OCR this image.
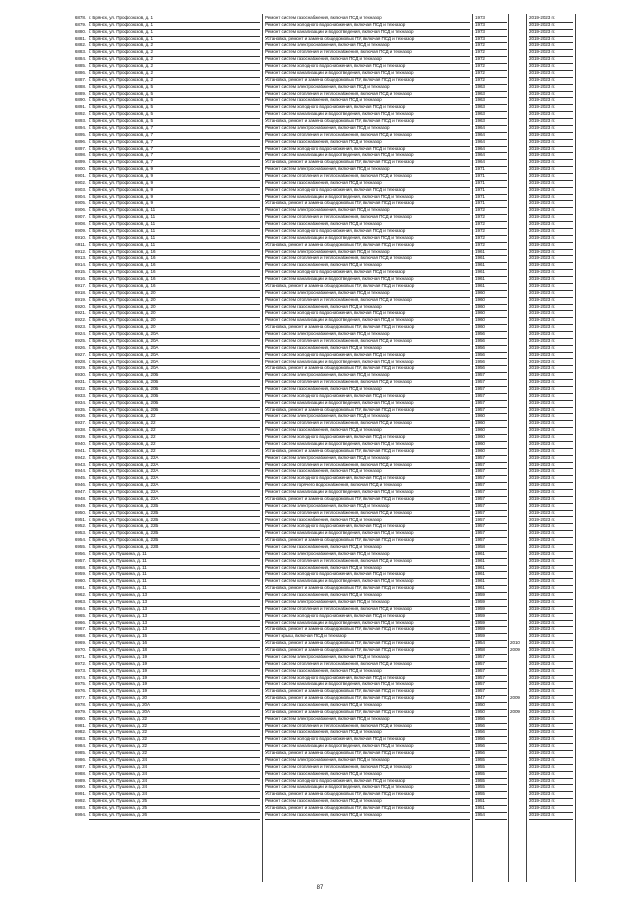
6878. г. Брянск, ул. Профсоюзов, д. 1	Ремонт систем газоснабжения, включая ПСД и техназор	1973	2019-2023 гг.
6879. г. Брянск, ул. Профсоюзов, д. 1	Ремонт систем холодного водоснабжения, включая ПСД и техназор	1973	2019-2023 гг.
6880. г. Брянск, ул. Профсоюзов, д. 1	Ремонт систем канализации и водоотведения, включая ПСД и техназор	1973	2019-2023 гг.
6881. г. Брянск, ул. Профсоюзов, д. 1	Установка, ремонт и замена общедомовых ПУ, включая ПСД и техназор	1973	2019-2023 гг.
6882. г. Брянск, ул. Профсоюзов, д. 2	Ремонт систем электроснабжения, включая ПСД и техназор	1972	2019-2023 гг.
6883. г. Брянск, ул. Профсоюзов, д. 2	Ремонт систем отопления и теплоснабжения, включая ПСД и техназор	1972	2019-2023 гг.
6884. г. Брянск, ул. Профсоюзов, д. 2	Ремонт систем газоснабжения, включая ПСД и техназор	1972	2019-2023 гг.
6885. г. Брянск, ул. Профсоюзов, д. 2	Ремонт систем холодного водоснабжения, включая ПСД и техназор	1972	2019-2023 гг.
6886. г. Брянск, ул. Профсоюзов, д. 2	Ремонт систем канализации и водоотведения, включая ПСД и техназор	1972	2019-2023 гг.
6887. г. Брянск, ул. Профсоюзов, д. 2	Установка, ремонт и замена общедомовых ПУ, включая ПСД и техназор	1972	2019-2023 гг.
6888. г. Брянск, ул. Профсоюзов, д. 5	Ремонт систем электроснабжения, включая ПСД и техназор	1963	2019-2023 гг.
6889. г. Брянск, ул. Профсоюзов, д. 5	Ремонт систем отопления и теплоснабжения, включая ПСД и техназор	1963	2019-2023 гг.
6890. г. Брянск, ул. Профсоюзов, д. 5	Ремонт систем газоснабжения, включая ПСД и техназор	1963	2019-2023 гг.
6891. г. Брянск, ул. Профсоюзов, д. 5	Ремонт систем холодного водоснабжения, включая ПСД и техназор	1963	2019-2023 гг.
6892. г. Брянск, ул. Профсоюзов, д. 5	Ремонт систем канализации и водоотведения, включая ПСД и техназор	1963	2019-2023 гг.
6893. г. Брянск, ул. Профсоюзов, д. 5	Установка, ремонт и замена общедомовых ПУ, включая ПСД и техназор	1963	2019-2023 гг.
6894. г. Брянск, ул. Профсоюзов, д. 7	Ремонт систем электроснабжения, включая ПСД и техназор	1964	2019-2023 гг.
6895. г. Брянск, ул. Профсоюзов, д. 7	Ремонт систем отопления и теплоснабжения, включая ПСД и техназор	1964	2019-2023 гг.
6896. г. Брянск, ул. Профсоюзов, д. 7	Ремонт систем газоснабжения, включая ПСД и техназор	1964	2019-2023 гг.
6897. г. Брянск, ул. Профсоюзов, д. 7	Ремонт систем холодного водоснабжения, включая ПСД и техназор	1964	2019-2023 гг.
6898. г. Брянск, ул. Профсоюзов, д. 7	Ремонт систем канализации и водоотведения, включая ПСД и техназор	1964	2019-2023 гг.
6899. г. Брянск, ул. Профсоюзов, д. 7	Установка, ремонт и замена общедомовых ПУ, включая ПСД и техназор	1964	2019-2023 гг.
6900. г. Брянск, ул. Профсоюзов, д. 9	Ремонт систем электроснабжения, включая ПСД и техназор	1971	2019-2023 гг.
6901. г. Брянск, ул. Профсоюзов, д. 9	Ремонт систем отопления и теплоснабжения, включая ПСД и техназор	1971	2019-2023 гг.
6902. г. Брянск, ул. Профсоюзов, д. 9	Ремонт систем газоснабжения, включая ПСД и техназор	1971	2019-2023 гг.
6903. г. Брянск, ул. Профсоюзов, д. 9	Ремонт систем холодного водоснабжения, включая ПСД и техназор	1971	2019-2023 гг.
6904. г. Брянск, ул. Профсоюзов, д. 9	Ремонт систем канализации и водоотведения, включая ПСД и техназор	1971	2019-2023 гг.
6905. г. Брянск, ул. Профсоюзов, д. 9	Установка, ремонт и замена общедомовых ПУ, включая ПСД и техназор	1971	2019-2023 гг.
6906. г. Брянск, ул. Профсоюзов, д. 11	Ремонт систем электроснабжения, включая ПСД и техназор	1972	2019-2023 гг.
6907. г. Брянск, ул. Профсоюзов, д. 11	Ремонт систем отопления и теплоснабжения, включая ПСД и техназор	1972	2019-2023 гг.
6908. г. Брянск, ул. Профсоюзов, д. 11	Ремонт систем газоснабжения, включая ПСД и техназор	1972	2019-2023 гг.
6909. г. Брянск, ул. Профсоюзов, д. 11	Ремонт систем холодного водоснабжения, включая ПСД и техназор	1972	2019-2023 гг.
6910. г. Брянск, ул. Профсоюзов, д. 11	Ремонт систем канализации и водоотведения, включая ПСД и техназор	1972	2019-2023 гг.
6911. г. Брянск, ул. Профсоюзов, д. 11	Установка, ремонт и замена общедомовых ПУ, включая ПСД и техназор	1972	2019-2023 гг.
6912. г. Брянск, ул. Профсоюзов, д. 16	Ремонт систем электроснабжения, включая ПСД и техназор	1961	2019-2023 гг.
6913. г. Брянск, ул. Профсоюзов, д. 16	Ремонт систем отопления и теплоснабжения, включая ПСД и техназор	1961	2019-2023 гг.
6914. г. Брянск, ул. Профсоюзов, д. 16	Ремонт систем газоснабжения, включая ПСД и техназор	1961	2019-2023 гг.
6915. г. Брянск, ул. Профсоюзов, д. 16	Ремонт систем холодного водоснабжения, включая ПСД и техназор	1961	2019-2023 гг.
6916. г. Брянск, ул. Профсоюзов, д. 16	Ремонт систем канализации и водоотведения, включая ПСД и техназор	1961	2019-2023 гг.
6917. г. Брянск, ул. Профсоюзов, д. 16	Установка, ремонт и замена общедомовых ПУ, включая ПСД и техназор	1961	2019-2023 гг.
6918. г. Брянск, ул. Профсоюзов, д. 20	Ремонт систем электроснабжения, включая ПСД и техназор	1960	2019-2023 гг.
6919. г. Брянск, ул. Профсоюзов, д. 20	Ремонт систем отопления и теплоснабжения, включая ПСД и техназор	1960	2019-2023 гг.
6920. г. Брянск, ул. Профсоюзов, д. 20	Ремонт систем газоснабжения, включая ПСД и техназор	1960	2019-2023 гг.
6921. г. Брянск, ул. Профсоюзов, д. 20	Ремонт систем холодного водоснабжения, включая ПСД и техназор	1960	2019-2023 гг.
6922. г. Брянск, ул. Профсоюзов, д. 20	Ремонт систем канализации и водоотведения, включая ПСД и техназор	1960	2019-2023 гг.
6923. г. Брянск, ул. Профсоюзов, д. 20	Установка, ремонт и замена общедомовых ПУ, включая ПСД и техназор	1960	2019-2023 гг.
6924. г. Брянск, ул. Профсоюзов, д. 20А	Ремонт систем электроснабжения, включая ПСД и техназор	1956	2019-2023 гг.
6925. г. Брянск, ул. Профсоюзов, д. 20А	Ремонт систем отопления и теплоснабжения, включая ПСД и техназор	1956	2019-2023 гг.
6926. г. Брянск, ул. Профсоюзов, д. 20А	Ремонт систем газоснабжения, включая ПСД и техназор	1956	2019-2023 гг.
6927. г. Брянск, ул. Профсоюзов, д. 20А	Ремонт систем холодного водоснабжения, включая ПСД и техназор	1956	2019-2023 гг.
6928. г. Брянск, ул. Профсоюзов, д. 20А	Ремонт систем канализации и водоотведения, включая ПСД и техназор	1956	2019-2023 гг.
6929. г. Брянск, ул. Профсоюзов, д. 20А	Установка, ремонт и замена общедомовых ПУ, включая ПСД и техназор	1956	2019-2023 гг.
6930. г. Брянск, ул. Профсоюзов, д. 20Б	Ремонт систем электроснабжения, включая ПСД и техназор	1957	2019-2023 гг.
6931. г. Брянск, ул. Профсоюзов, д. 20Б	Ремонт систем отопления и теплоснабжения, включая ПСД и техназор	1957	2019-2023 гг.
6932. г. Брянск, ул. Профсоюзов, д. 20Б	Ремонт систем газоснабжения, включая ПСД и техназор	1957	2019-2023 гг.
6933. г. Брянск, ул. Профсоюзов, д. 20Б	Ремонт систем холодного водоснабжения, включая ПСД и техназор	1957	2019-2023 гг.
6934. г. Брянск, ул. Профсоюзов, д. 20Б	Ремонт систем канализации и водоотведения, включая ПСД и техназор	1957	2019-2023 гг.
6935. г. Брянск, ул. Профсоюзов, д. 20Б	Установка, ремонт и замена общедомовых ПУ, включая ПСД и техназор	1957	2019-2023 гг.
6936. г. Брянск, ул. Профсоюзов, д. 22	Ремонт систем электроснабжения, включая ПСД и техназор	1960	2019-2023 гг.
6937. г. Брянск, ул. Профсоюзов, д. 22	Ремонт систем отопления и теплоснабжения, включая ПСД и техназор	1960	2019-2023 гг.
6938. г. Брянск, ул. Профсоюзов, д. 22	Ремонт систем газоснабжения, включая ПСД и техназор	1960	2019-2023 гг.
6939. г. Брянск, ул. Профсоюзов, д. 22	Ремонт систем холодного водоснабжения, включая ПСД и техназор	1960	2019-2023 гг.
6940. г. Брянск, ул. Профсоюзов, д. 22	Ремонт систем канализации и водоотведения, включая ПСД и техназор	1960	2019-2023 гг.
6941. г. Брянск, ул. Профсоюзов, д. 22	Установка, ремонт и замена общедомовых ПУ, включая ПСД и техназор	1960	2019-2023 гг.
6942. г. Брянск, ул. Профсоюзов, д. 22А	Ремонт систем электроснабжения, включая ПСД и техназор	1957	2019-2023 гг.
6943. г. Брянск, ул. Профсоюзов, д. 22А	Ремонт систем отопления и теплоснабжения, включая ПСД и техназор	1957	2019-2023 гг.
6944. г. Брянск, ул. Профсоюзов, д. 22А	Ремонт систем газоснабжения, включая ПСД и техназор	1957	2019-2023 гг.
6945. г. Брянск, ул. Профсоюзов, д. 22А	Ремонт систем холодного водоснабжения, включая ПСД и техназор	1957	2019-2023 гг.
6946. г. Брянск, ул. Профсоюзов, д. 22А	Ремонт систем горячего водоснабжения, включая ПСД и техназор	1957	2019-2023 гг.
6947. г. Брянск, ул. Профсоюзов, д. 22А	Ремонт систем канализации и водоотведения, включая ПСД и техназор	1957	2019-2023 гг.
6948. г. Брянск, ул. Профсоюзов, д. 22А	Установка, ремонт и замена общедомовых ПУ, включая ПСД и техназор	1957	2019-2023 гг.
6949. г. Брянск, ул. Профсоюзов, д. 22Б	Ремонт систем электроснабжения, включая ПСД и техназор	1957	2019-2023 гг.
6950. г. Брянск, ул. Профсоюзов, д. 22Б	Ремонт систем отопления и теплоснабжения, включая ПСД и техназор	1957	2019-2023 гг.
6951. г. Брянск, ул. Профсоюзов, д. 22Б	Ремонт систем газоснабжения, включая ПСД и техназор	1957	2019-2023 гг.
6952. г. Брянск, ул. Профсоюзов, д. 22Б	Ремонт систем холодного водоснабжения, включая ПСД и техназор	1957	2019-2023 гг.
6953. г. Брянск, ул. Профсоюзов, д. 22Б	Ремонт систем канализации и водоотведения, включая ПСД и техназор	1957	2019-2023 гг.
6954. г. Брянск, ул. Профсоюзов, д. 22Б	Установка, ремонт и замена общедомовых ПУ, включая ПСД и техназор	1957	2019-2023 гг.
6955. г. Брянск, ул. Профсоюзов, д. 22В	Ремонт систем газоснабжения, включая ПСД и техназор	1958	2019-2023 гг.
6956. г. Брянск, ул. Пушкина, д. 11	Ремонт систем электроснабжения, включая ПСД и техназор	1961	2019-2023 гг.
6957. г. Брянск, ул. Пушкина, д. 11	Ремонт систем отопления и теплоснабжения, включая ПСД и техназор	1961	2019-2023 гг.
6958. г. Брянск, ул. Пушкина, д. 11	Ремонт систем газоснабжения, включая ПСД и техназор	1961	2019-2023 гг.
6959. г. Брянск, ул. Пушкина, д. 11	Ремонт систем холодного водоснабжения, включая ПСД и техназор	1961	2019-2023 гг.
6960. г. Брянск, ул. Пушкина, д. 11	Ремонт систем канализации и водоотведения, включая ПСД и техназор	1961	2019-2023 гг.
6961. г. Брянск, ул. Пушкина, д. 11	Установка, ремонт и замена общедомовых ПУ, включая ПСД и техназор	1961	2019-2023 гг.
6962. г. Брянск, ул. Пушкина, д. 13	Ремонт систем газоснабжения, включая ПСД и техназор	1959	2019-2023 гг.
6963. г. Брянск, ул. Пушкина, д. 13	Ремонт систем электроснабжения, включая ПСД и техназор	1959	2019-2023 гг.
6964. г. Брянск, ул. Пушкина, д. 13	Ремонт систем отопления и теплоснабжения, включая ПСД и техназор	1959	2019-2023 гг.
6965. г. Брянск, ул. Пушкина, д. 13	Ремонт систем холодного водоснабжения, включая ПСД и техназор	1959	2019-2023 гг.
6966. г. Брянск, ул. Пушкина, д. 13	Ремонт систем канализации и водоотведения, включая ПСД и техназор	1959	2019-2023 гг.
6967. г. Брянск, ул. Пушкина, д. 13	Установка, ремонт и замена общедомовых ПУ, включая ПСД и техназор	1959	2019-2023 гг.
6968. г. Брянск, ул. Пушкина, д. 15	Ремонт крыш, включая ПСД и техназор	1959	2019-2023 гг.
6969. г. Брянск, ул. Пушкина, д. 16	Установка, ремонт и замена общедомовых ПУ, включая ПСД и техназор	1954	2010	2019-2023 гг.
6970. г. Брянск, ул. Пушкина, д. 18	Установка, ремонт и замена общедомовых ПУ, включая ПСД и техназор	1958	2009	2019-2023 гг.
6971. г. Брянск, ул. Пушкина, д. 19	Ремонт систем электроснабжения, включая ПСД и техназор	1957	2019-2023 гг.
6972. г. Брянск, ул. Пушкина, д. 19	Ремонт систем отопления и теплоснабжения, включая ПСД и техназор	1957	2019-2023 гг.
6973. г. Брянск, ул. Пушкина, д. 19	Ремонт систем газоснабжения, включая ПСД и техназор	1957	2019-2023 гг.
6974. г. Брянск, ул. Пушкина, д. 19	Ремонт систем холодного водоснабжения, включая ПСД и техназор	1957	2019-2023 гг.
6975. г. Брянск, ул. Пушкина, д. 19	Ремонт систем канализации и водоотведения, включая ПСД и техназор	1957	2019-2023 гг.
6976. г. Брянск, ул. Пушкина, д. 19	Установка, ремонт и замена общедомовых ПУ, включая ПСД и техназор	1957	2019-2023 гг.
6977. г. Брянск, ул. Пушкина, д. 20	Установка, ремонт и замена общедомовых ПУ, включая ПСД и техназор	1947	2009	2019-2023 гг.
6978. г. Брянск, ул. Пушкина, д. 20А	Ремонт систем газоснабжения, включая ПСД и техназор	1950	2019-2023 гг.
6979. г. Брянск, ул. Пушкина, д. 20А	Установка, ремонт и замена общедомовых ПУ, включая ПСД и техназор	1950	2009	2019-2023 гг.
6980. г. Брянск, ул. Пушкина, д. 22	Ремонт систем электроснабжения, включая ПСД и техназор	1956	2019-2023 гг.
6981. г. Брянск, ул. Пушкина, д. 22	Ремонт систем отопления и теплоснабжения, включая ПСД и техназор	1956	2019-2023 гг.
6982. г. Брянск, ул. Пушкина, д. 22	Ремонт систем газоснабжения, включая ПСД и техназор	1956	2019-2023 гг.
6983. г. Брянск, ул. Пушкина, д. 22	Ремонт систем холодного водоснабжения, включая ПСД и техназор	1956	2019-2023 гг.
6984. г. Брянск, ул. Пушкина, д. 22	Ремонт систем канализации и водоотведения, включая ПСД и техназор	1956	2019-2023 гг.
6985. г. Брянск, ул. Пушкина, д. 22	Установка, ремонт и замена общедомовых ПУ, включая ПСД и техназор	1956	2019-2023 гг.
6986. г. Брянск, ул. Пушкина, д. 24	Ремонт систем электроснабжения, включая ПСД и техназор	1955	2019-2023 гг.
6987. г. Брянск, ул. Пушкина, д. 24	Ремонт систем отопления и теплоснабжения, включая ПСД и техназор	1955	2019-2023 гг.
6988. г. Брянск, ул. Пушкина, д. 24	Ремонт систем газоснабжения, включая ПСД и техназор	1955	2019-2023 гг.
6989. г. Брянск, ул. Пушкина, д. 24	Ремонт систем холодного водоснабжения, включая ПСД и техназор	1955	2019-2023 гг.
6990. г. Брянск, ул. Пушкина, д. 24	Ремонт систем канализации и водоотведения, включая ПСД и техназор	1955	2019-2023 гг.
6991. г. Брянск, ул. Пушкина, д. 24	Установка, ремонт и замена общедомовых ПУ, включая ПСД и техназор	1955	2019-2023 гг.
6992. г. Брянск, ул. Пушкина, д. 25	Ремонт систем газоснабжения, включая ПСД и техназор	1951	2019-2023 гг.
6993. г. Брянск, ул. Пушкина, д. 25	Установка, ремонт и замена общедомовых ПУ, включая ПСД и техназор	1951	2019-2023 гг.
6994. г. Брянск, ул. Пушкина, д. 26	Ремонт систем газоснабжения, включая ПСД и техназор	1954	2019-2023 гг.
87
